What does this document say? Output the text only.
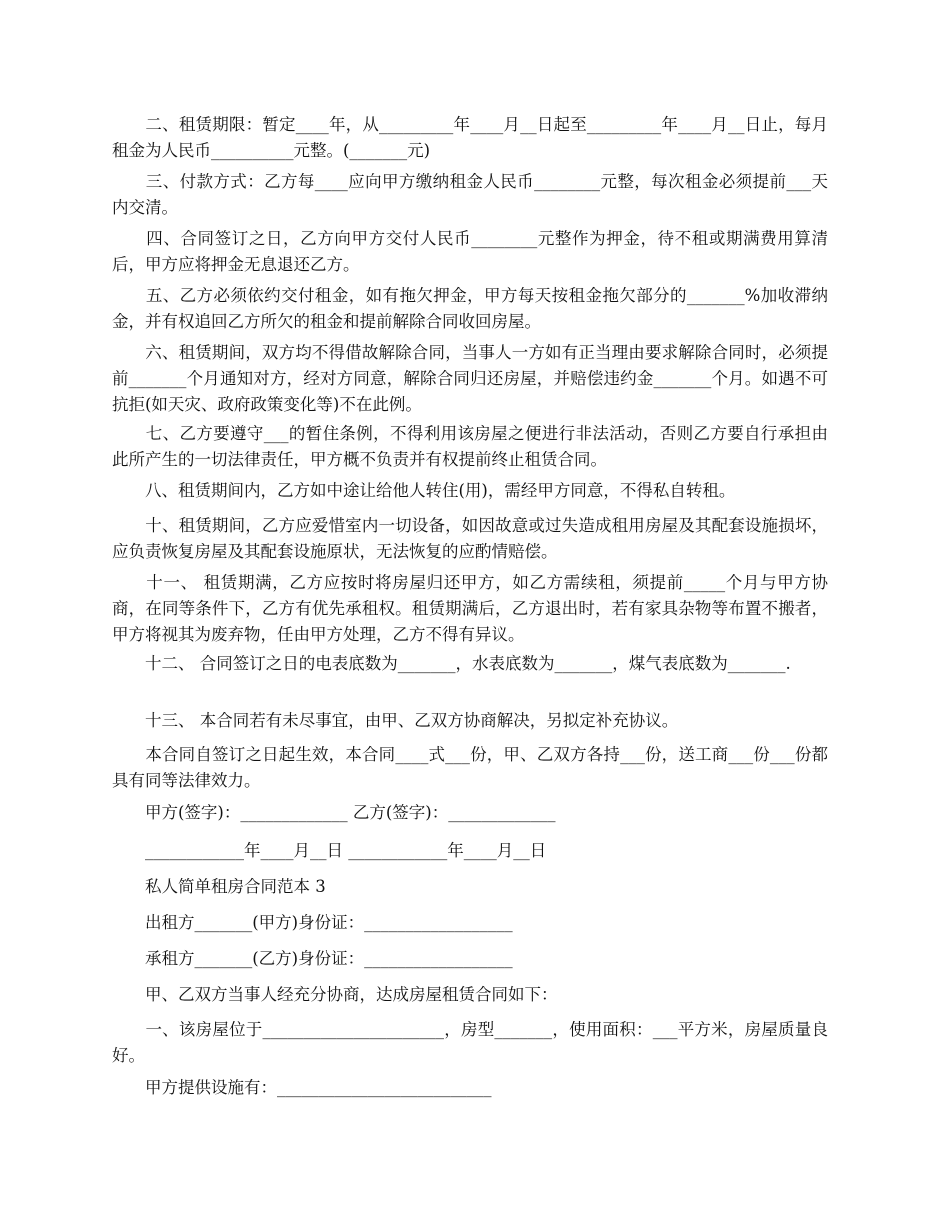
　　二、租赁期限：暂定____年，从_________年____月__日起至_________年____月__日止，每月租金为人民币__________元整。(_______元)

　　三、付款方式：乙方每____应向甲方缴纳租金人民币________元整，每次租金必须提前___天内交清。

　　四、合同签订之日，乙方向甲方交付人民币________元整作为押金，待不租或期满费用算清后，甲方应将押金无息退还乙方。

　　五、乙方必须依约交付租金，如有拖欠押金，甲方每天按租金拖欠部分的_______%加收滞纳金，并有权追回乙方所欠的租金和提前解除合同收回房屋。

　　六、租赁期间，双方均不得借故解除合同，当事人一方如有正当理由要求解除合同时，必须提前_______个月通知对方，经对方同意，解除合同归还房屋，并赔偿违约金_______个月。如遇不可抗拒(如天灾、政府政策变化等)不在此例。

　　七、乙方要遵守___的暂住条例，不得利用该房屋之便进行非法活动，否则乙方要自行承担由此所产生的一切法律责任，甲方概不负责并有权提前终止租赁合同。

　　八、租赁期间内，乙方如中途让给他人转住(用)，需经甲方同意，不得私自转租。

　　十、租赁期间，乙方应爱惜室内一切设备，如因故意或过失造成租用房屋及其配套设施损坏，应负责恢复房屋及其配套设施原状，无法恢复的应酌情赔偿。

　　十一、 租赁期满，乙方应按时将房屋归还甲方，如乙方需续租，须提前_____个月与甲方协商，在同等条件下，乙方有优先承租权。租赁期满后，乙方退出时，若有家具杂物等布置不搬者，甲方将视其为废弃物，任由甲方处理，乙方不得有异议。

　　十二、 合同签订之日的电表底数为_______，水表底数为_______，煤气表底数为_______.

　　十三、 本合同若有未尽事宜，由甲、乙双方协商解决，另拟定补充协议。

　　本合同自签订之日起生效，本合同____式___份，甲、乙双方各持___份，送工商___份___份都具有同等法律效力。

　　甲方(签字)：_____________ 乙方(签字)：_____________

　　____________年____月__日 ____________年____月__日

　　私人简单租房合同范本 3

　　出租方_______(甲方)身份证：__________________

　　承租方_______(乙方)身份证：__________________

　　甲、乙双方当事人经充分协商，达成房屋租赁合同如下：

　　一、该房屋位于______________________，房型_______，使用面积：___平方米，房屋质量良好。

　　甲方提供设施有：__________________________
